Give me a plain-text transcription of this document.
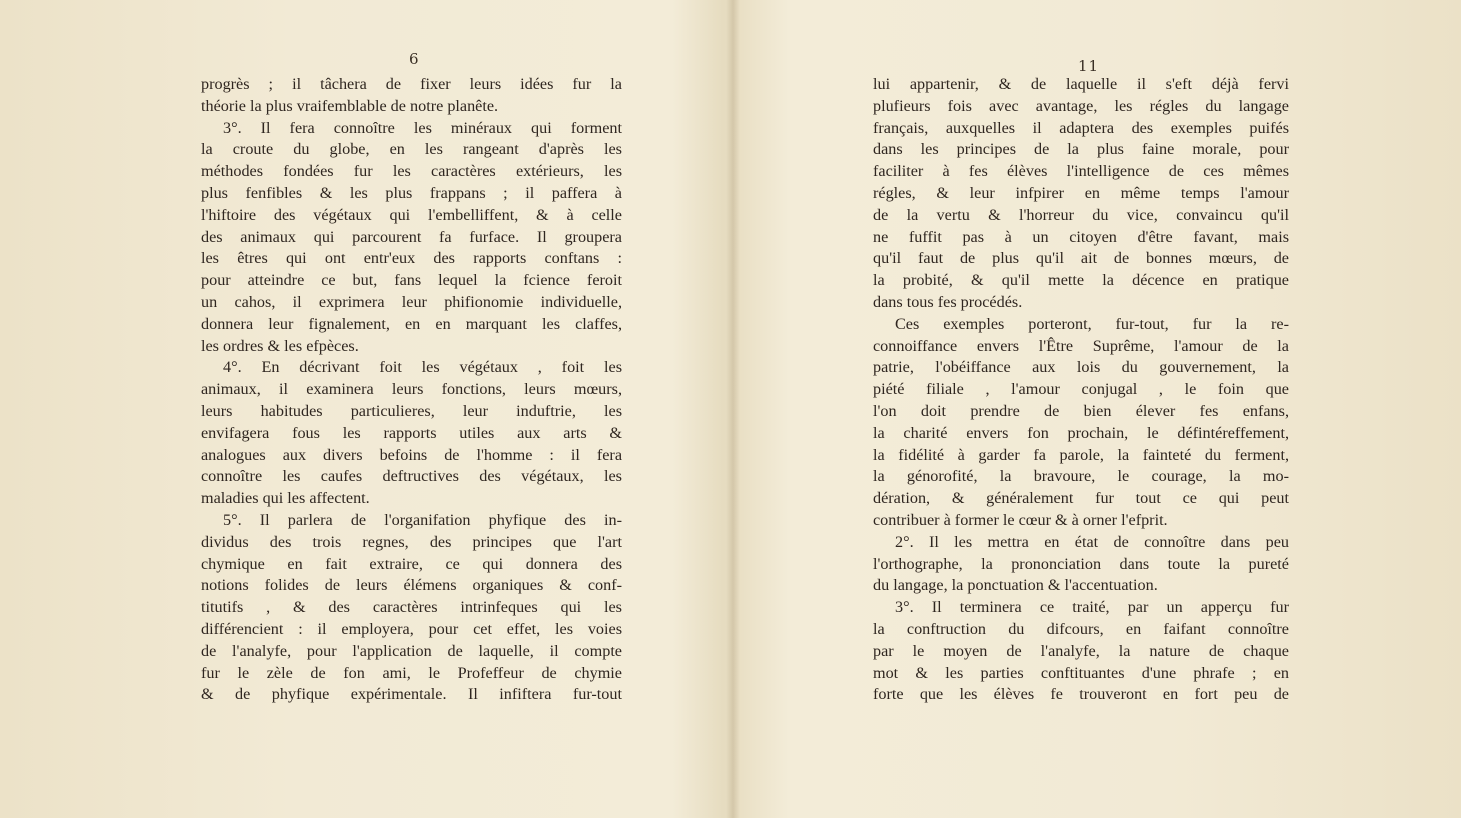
6
progrès ; il tâchera de fixer leurs idées fur la
théorie la plus vraifemblable de notre planête.
3°. Il fera connoître les minéraux qui forment
la croute du globe, en les rangeant d'après les
méthodes fondées fur les caractères extérieurs, les
plus fenfibles & les plus frappans ; il paffera à
l'hiftoire des végétaux qui l'embelliffent, & à celle
des animaux qui parcourent fa furface. Il groupera
les êtres qui ont entr'eux des rapports conftans :
pour atteindre ce but, fans lequel la fcience feroit
un cahos, il exprimera leur phifionomie individuelle,
donnera leur fignalement, en en marquant les claffes,
les ordres & les efpèces.
4°. En décrivant foit les végétaux , foit les
animaux, il examinera leurs fonctions, leurs mœurs,
leurs habitudes particulieres, leur induftrie, les
envifagera fous les rapports utiles aux arts &
analogues aux divers befoins de l'homme : il fera
connoître les caufes deftructives des végétaux, les
maladies qui les affectent.
5°. Il parlera de l'organifation phyfique des in-
dividus des trois regnes, des principes que l'art
chymique en fait extraire, ce qui donnera des
notions folides de leurs élémens organiques & conf-
titutifs , & des caractères intrinfeques qui les
différencient : il employera, pour cet effet, les voies
de l'analyfe, pour l'application de laquelle, il compte
fur le zèle de fon ami, le Profeffeur de chymie
& de phyfique expérimentale. Il infiftera fur-tout
11
lui appartenir, & de laquelle il s'eft déjà fervi
plufieurs fois avec avantage, les régles du langage
français, auxquelles il adaptera des exemples puifés
dans les principes de la plus faine morale, pour
faciliter à fes élèves l'intelligence de ces mêmes
régles, & leur infpirer en même temps l'amour
de la vertu & l'horreur du vice, convaincu qu'il
ne fuffit pas à un citoyen d'être favant, mais
qu'il faut de plus qu'il ait de bonnes mœurs, de
la probité, & qu'il mette la décence en pratique
dans tous fes procédés.
Ces exemples porteront, fur-tout, fur la re-
connoiffance envers l'Être Suprême, l'amour de la
patrie, l'obéiffance aux lois du gouvernement, la
piété filiale , l'amour conjugal , le foin que
l'on doit prendre de bien élever fes enfans,
la charité envers fon prochain, le défintéreffement,
la fidélité à garder fa parole, la fainteté du ferment,
la génorofité, la bravoure, le courage, la mo-
dération, & généralement fur tout ce qui peut
contribuer à former le cœur & à orner l'efprit.
2°. Il les mettra en état de connoître dans peu
l'orthographe, la prononciation dans toute la pureté
du langage, la ponctuation & l'accentuation.
3°. Il terminera ce traité, par un apperçu fur
la conftruction du difcours, en faifant connoître
par le moyen de l'analyfe, la nature de chaque
mot & les parties conftituantes d'une phrafe ; en
forte que les élèves fe trouveront en fort peu de
